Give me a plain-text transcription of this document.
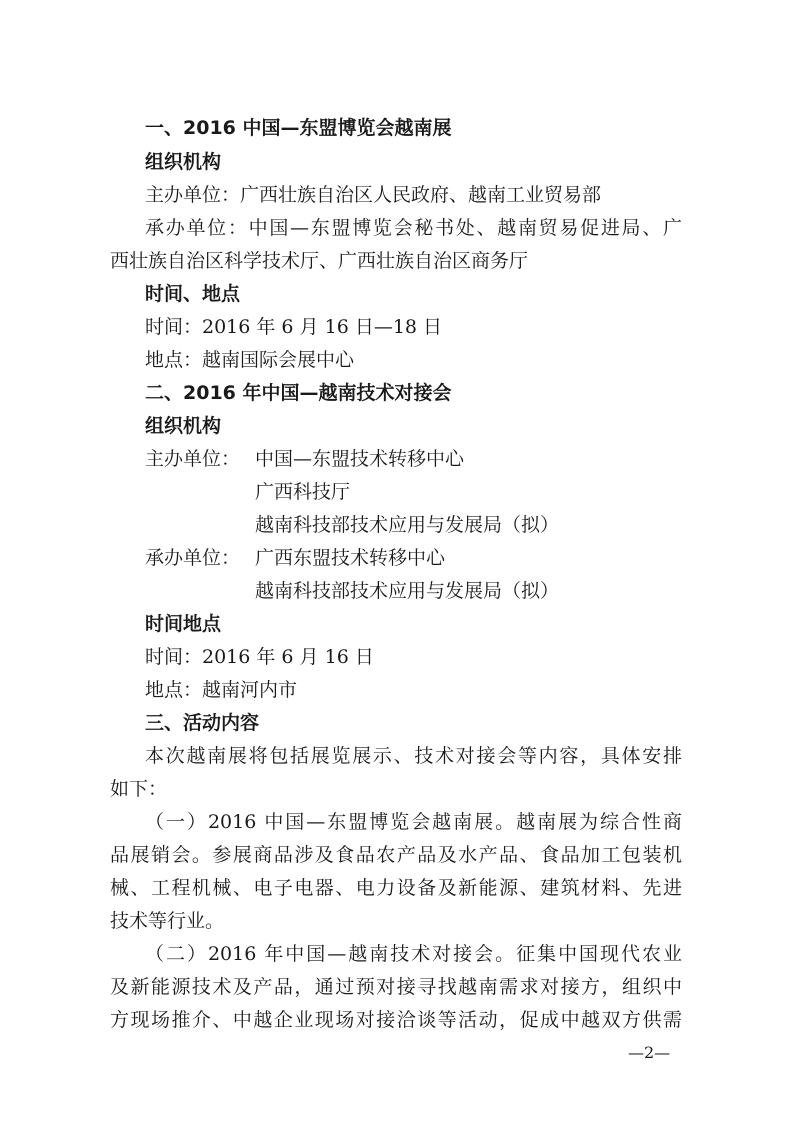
一、2016 中国—东盟博览会越南展
组织机构
主办单位：广西壮族自治区人民政府、越南工业贸易部
承办单位：中国—东盟博览会秘书处、越南贸易促进局、广
西壮族自治区科学技术厅、广西壮族自治区商务厅
时间、地点
时间：2016 年 6 月 16 日—18 日
地点：越南国际会展中心
二、2016 年中国—越南技术对接会
组织机构
主办单位： 中国—东盟技术转移中心
广西科技厅
越南科技部技术应用与发展局（拟）
承办单位： 广西东盟技术转移中心
越南科技部技术应用与发展局（拟）
时间地点
时间：2016 年 6 月 16 日
地点：越南河内市
三、活动内容
本次越南展将包括展览展示、技术对接会等内容，具体安排
如下：
（一）2016 中国—东盟博览会越南展。越南展为综合性商
品展销会。参展商品涉及食品农产品及水产品、食品加工包装机
械、工程机械、电子电器、电力设备及新能源、建筑材料、先进
技术等行业。
（二）2016 年中国—越南技术对接会。征集中国现代农业
及新能源技术及产品，通过预对接寻找越南需求对接方，组织中
方现场推介、中越企业现场对接洽谈等活动，促成中越双方供需
—2—
